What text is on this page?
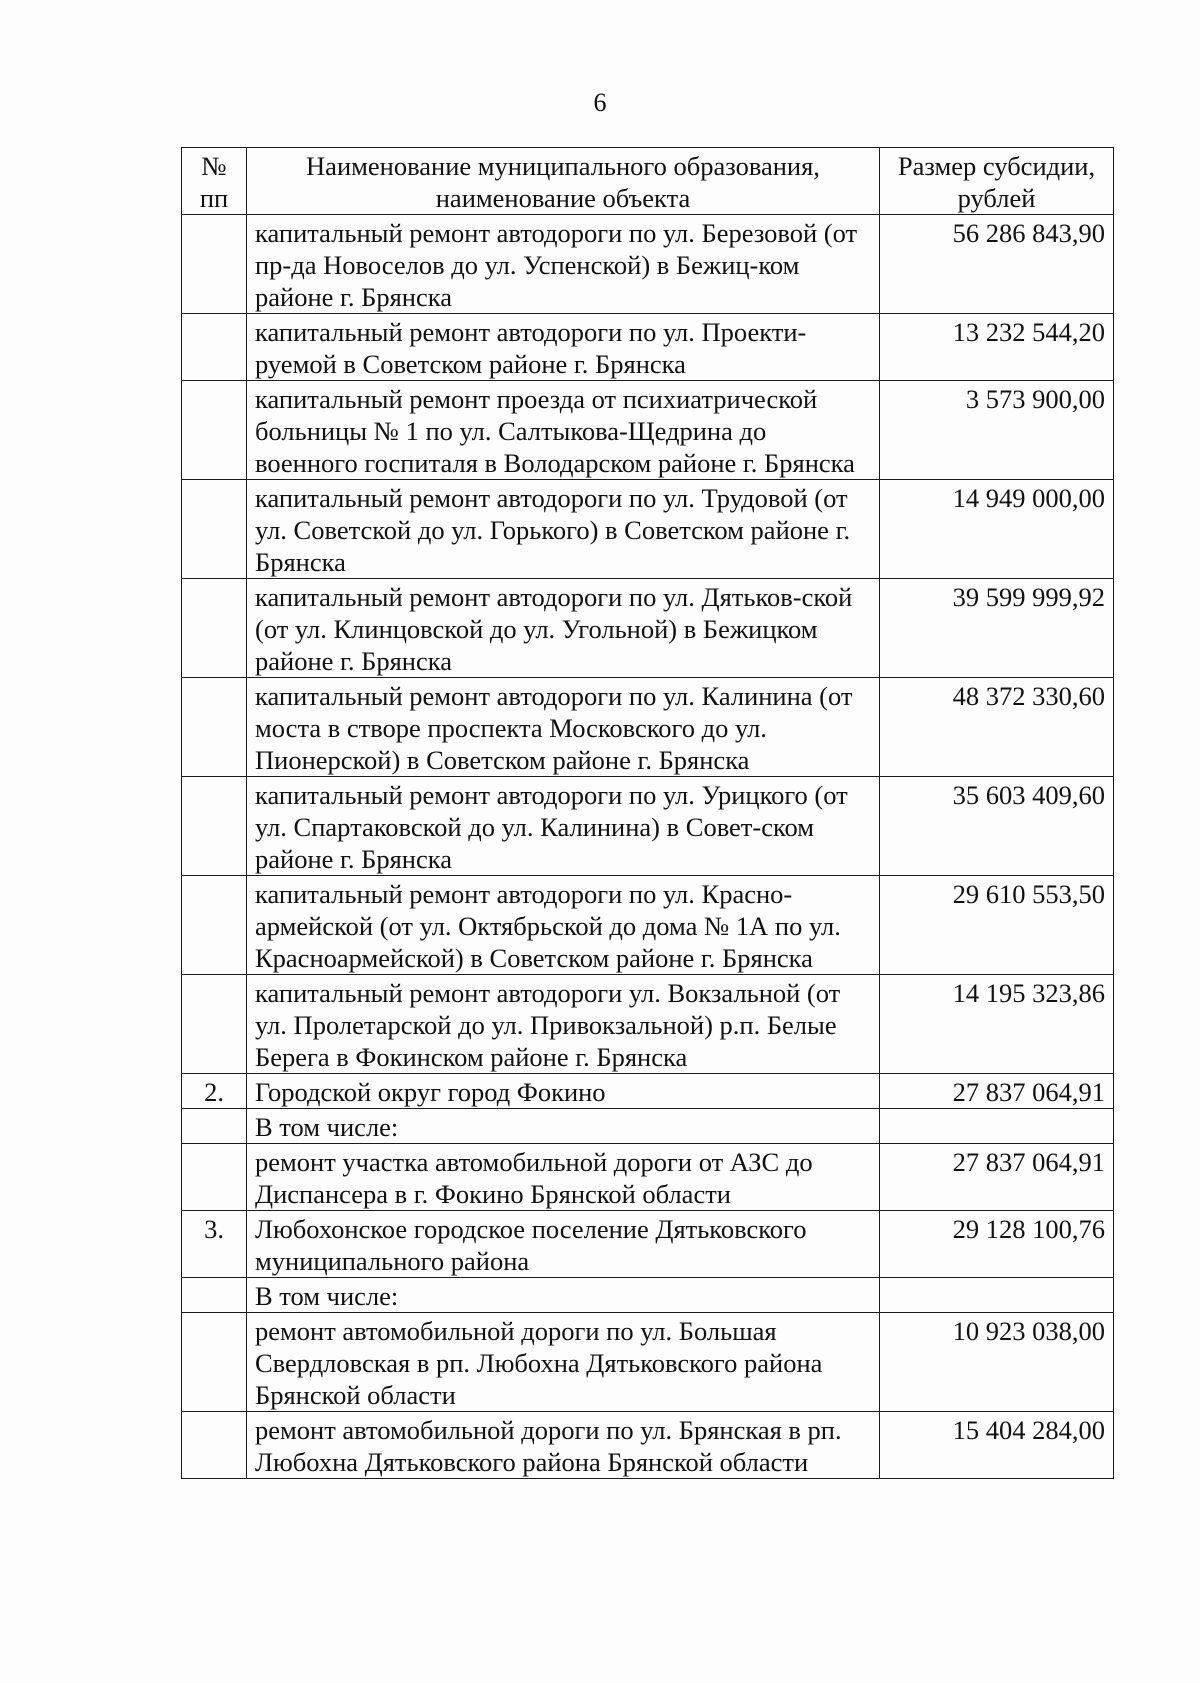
6
№ пп	Наименование муниципального образования, наименование объекта	Размер субсидии, рублей
	капитальный ремонт автодороги по ул. Березовой (от пр-да Новоселов до ул. Успенской) в Бежиц-ком районе г. Брянска	56 286 843,90
	капитальный ремонт автодороги по ул. Проекти-руемой в Советском районе г. Брянска	13 232 544,20
	капитальный ремонт проезда от психиатрической больницы № 1 по ул. Салтыкова-Щедрина до военного госпиталя в Володарском районе г. Брянска	3 573 900,00
	капитальный ремонт автодороги по ул. Трудовой (от ул. Советской до ул. Горького) в Советском районе г. Брянска	14 949 000,00
	капитальный ремонт автодороги по ул. Дятьков-ской (от ул. Клинцовской до ул. Угольной) в Бежицком районе г. Брянска	39 599 999,92
	капитальный ремонт автодороги по ул. Калинина (от моста в створе проспекта Московского до ул. Пионерской) в Советском районе г. Брянска	48 372 330,60
	капитальный ремонт автодороги по ул. Урицкого (от ул. Спартаковской до ул. Калинина) в Совет-ском районе г. Брянска	35 603 409,60
	капитальный ремонт автодороги по ул. Красно-армейской (от ул. Октябрьской до дома № 1А по ул. Красноармейской) в Советском районе г. Брянска	29 610 553,50
	капитальный ремонт автодороги ул. Вокзальной (от ул. Пролетарской до ул. Привокзальной) р.п. Белые Берега в Фокинском районе г. Брянска	14 195 323,86
2.	Городской округ город Фокино	27 837 064,91
	В том числе:	
	ремонт участка автомобильной дороги от АЗС до Диспансера в г. Фокино Брянской области	27 837 064,91
3.	Любохонское городское поселение Дятьковского муниципального района	29 128 100,76
	В том числе:	
	ремонт автомобильной дороги по ул. Большая Свердловская в рп. Любохна Дятьковского района Брянской области	10 923 038,00
	ремонт автомобильной дороги по ул. Брянская в рп. Любохна Дятьковского района Брянской области	15 404 284,00
